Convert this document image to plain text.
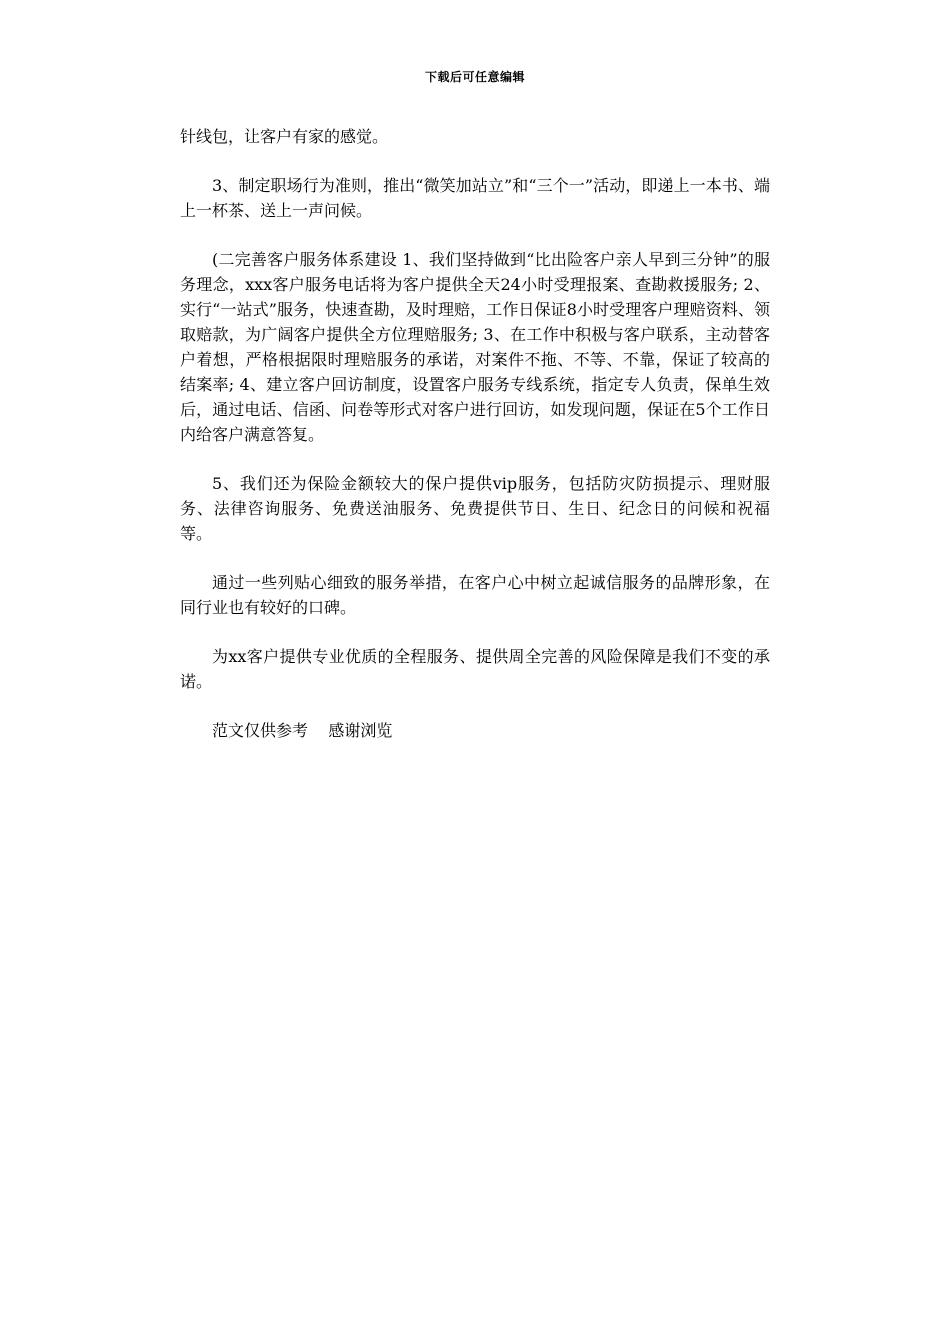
下载后可任意编辑

针线包，让客户有家的感觉。

3、制定职场行为准则，推出“微笑加站立”和“三个一”活动，即递上一本书、端上一杯茶、送上一声问候。

(二完善客户服务体系建设 1、我们坚持做到“比出险客户亲人早到三分钟”的服务理念，xxx客户服务电话将为客户提供全天24小时受理报案、查勘救援服务; 2、实行“一站式”服务，快速查勘，及时理赔，工作日保证8小时受理客户理赔资料、领取赔款，为广阔客户提供全方位理赔服务; 3、在工作中积极与客户联系，主动替客户着想，严格根据限时理赔服务的承诺，对案件不拖、不等、不靠，保证了较高的结案率; 4、建立客户回访制度，设置客户服务专线系统，指定专人负责，保单生效后，通过电话、信函、问卷等形式对客户进行回访，如发现问题，保证在5个工作日内给客户满意答复。

5、我们还为保险金额较大的保户提供vip服务，包括防灾防损提示、理财服务、法律咨询服务、免费送油服务、免费提供节日、生日、纪念日的问候和祝福等。

通过一些列贴心细致的服务举措，在客户心中树立起诚信服务的品牌形象，在同行业也有较好的口碑。

为xx客户提供专业优质的全程服务、提供周全完善的风险保障是我们不变的承诺。

范文仅供参考    感谢浏览
